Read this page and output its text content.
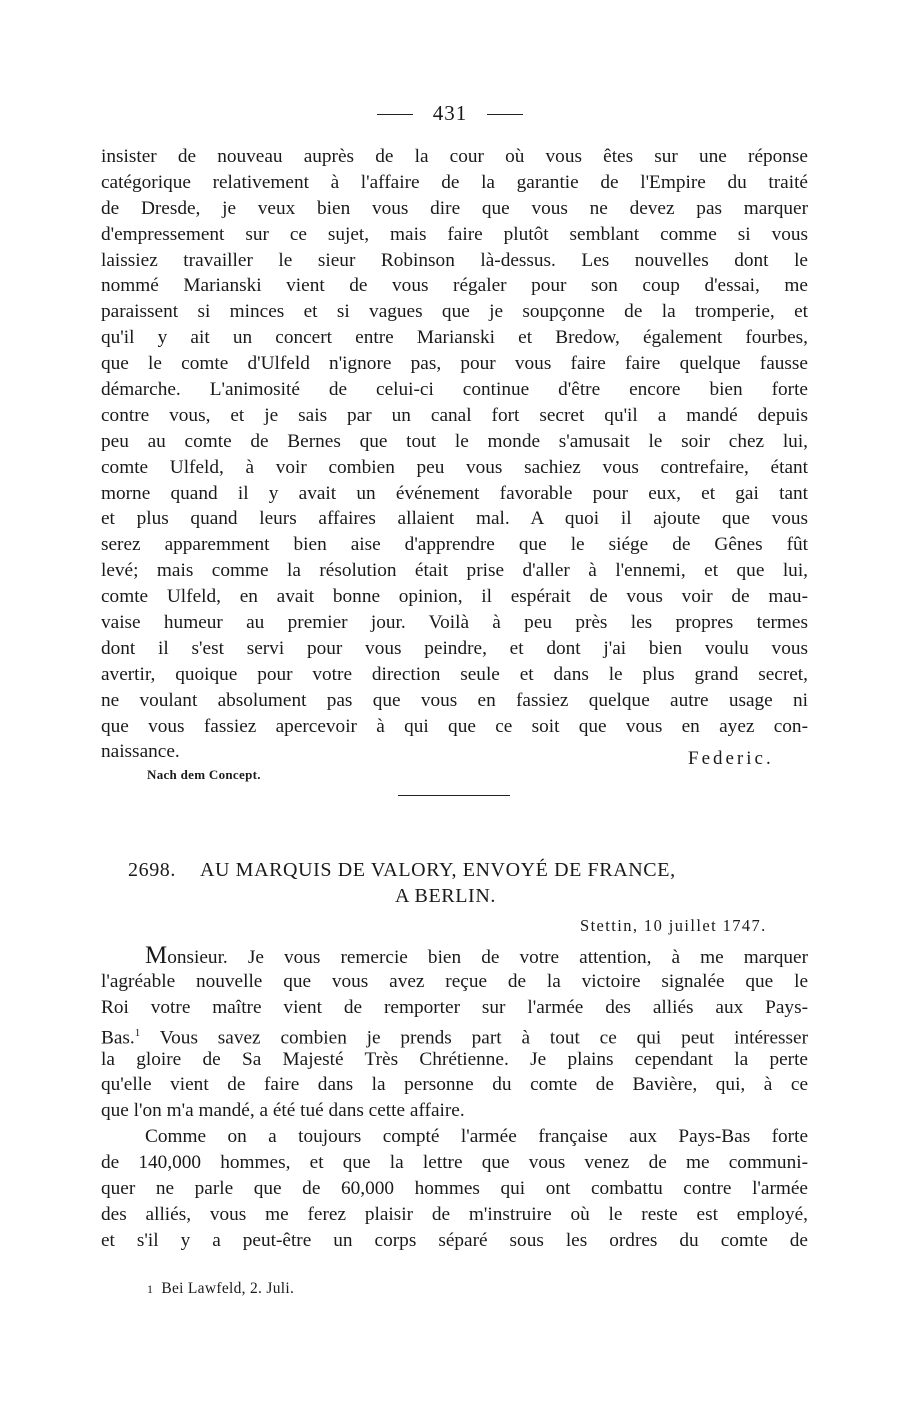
431
insister de nouveau auprès de la cour où vous êtes sur une réponse
catégorique relativement à l'affaire de la garantie de l'Empire du traité
de Dresde, je veux bien vous dire que vous ne devez pas marquer
d'empressement sur ce sujet, mais faire plutôt semblant comme si vous
laissiez travailler le sieur Robinson là-dessus. Les nouvelles dont le
nommé Marianski vient de vous régaler pour son coup d'essai, me
paraissent si minces et si vagues que je soupçonne de la tromperie, et
qu'il y ait un concert entre Marianski et Bredow, également fourbes,
que le comte d'Ulfeld n'ignore pas, pour vous faire faire quelque fausse
démarche. L'animosité de celui-ci continue d'être encore bien forte
contre vous, et je sais par un canal fort secret qu'il a mandé depuis
peu au comte de Bernes que tout le monde s'amusait le soir chez lui,
comte Ulfeld, à voir combien peu vous sachiez vous contrefaire, étant
morne quand il y avait un événement favorable pour eux, et gai tant
et plus quand leurs affaires allaient mal. A quoi il ajoute que vous
serez apparemment bien aise d'apprendre que le siége de Gênes fût
levé; mais comme la résolution était prise d'aller à l'ennemi, et que lui,
comte Ulfeld, en avait bonne opinion, il espérait de vous voir de mau-
vaise humeur au premier jour. Voilà à peu près les propres termes
dont il s'est servi pour vous peindre, et dont j'ai bien voulu vous
avertir, quoique pour votre direction seule et dans le plus grand secret,
ne voulant absolument pas que vous en fassiez quelque autre usage ni
que vous fassiez apercevoir à qui que ce soit que vous en ayez con-
naissance.	Federic.

Nach dem Concept.

2698. AU MARQUIS DE VALORY, ENVOYÉ DE FRANCE,
A BERLIN.

Stettin, 10 juillet 1747.

Monsieur. Je vous remercie bien de votre attention, à me marquer
l'agréable nouvelle que vous avez reçue de la victoire signalée que le
Roi votre maître vient de remporter sur l'armée des alliés aux Pays-
Bas.$^1$ Vous savez combien je prends part à tout ce qui peut intéresser
la gloire de Sa Majesté Très Chrétienne. Je plains cependant la perte
qu'elle vient de faire dans la personne du comte de Bavière, qui, à ce
que l'on m'a mandé, a été tué dans cette affaire.
Comme on a toujours compté l'armée française aux Pays-Bas forte
de 140,000 hommes, et que la lettre que vous venez de me communi-
quer ne parle que de 60,000 hommes qui ont combattu contre l'armée
des alliés, vous me ferez plaisir de m'instruire où le reste est employé,
et s'il y a peut-être un corps séparé sous les ordres du comte de

1 Bei Lawfeld, 2. Juli.
